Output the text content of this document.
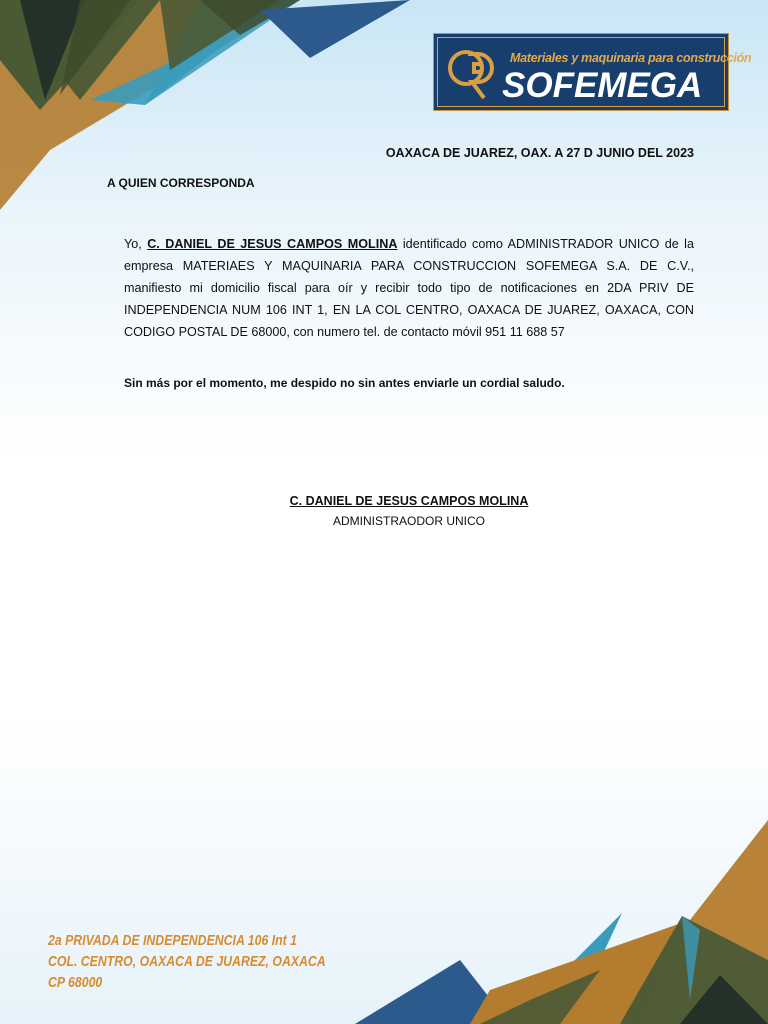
Materiales y maquinaria para construcción
SOFEMEGA
OAXACA DE JUAREZ, OAX. A 27 D JUNIO DEL 2023
A QUIEN CORRESPONDA
Yo, C. DANIEL DE JESUS CAMPOS MOLINA identificado como ADMINISTRADOR UNICO de la empresa MATERIAES Y MAQUINARIA PARA CONSTRUCCION SOFEMEGA S.A. DE C.V., manifiesto mi domicilio fiscal para oír y recibir todo tipo de notificaciones en 2DA PRIV DE INDEPENDENCIA NUM 106 INT 1, EN LA COL CENTRO, OAXACA DE JUAREZ, OAXACA, CON CODIGO POSTAL DE 68000, con numero tel. de contacto móvil 951 11 688 57
Sin más por el momento, me despido no sin antes enviarle un cordial saludo.
C. DANIEL DE JESUS CAMPOS MOLINA
ADMINISTRAODOR UNICO
2a PRIVADA DE INDEPENDENCIA 106 Int 1
COL. CENTRO, OAXACA DE JUAREZ, OAXACA
CP 68000
